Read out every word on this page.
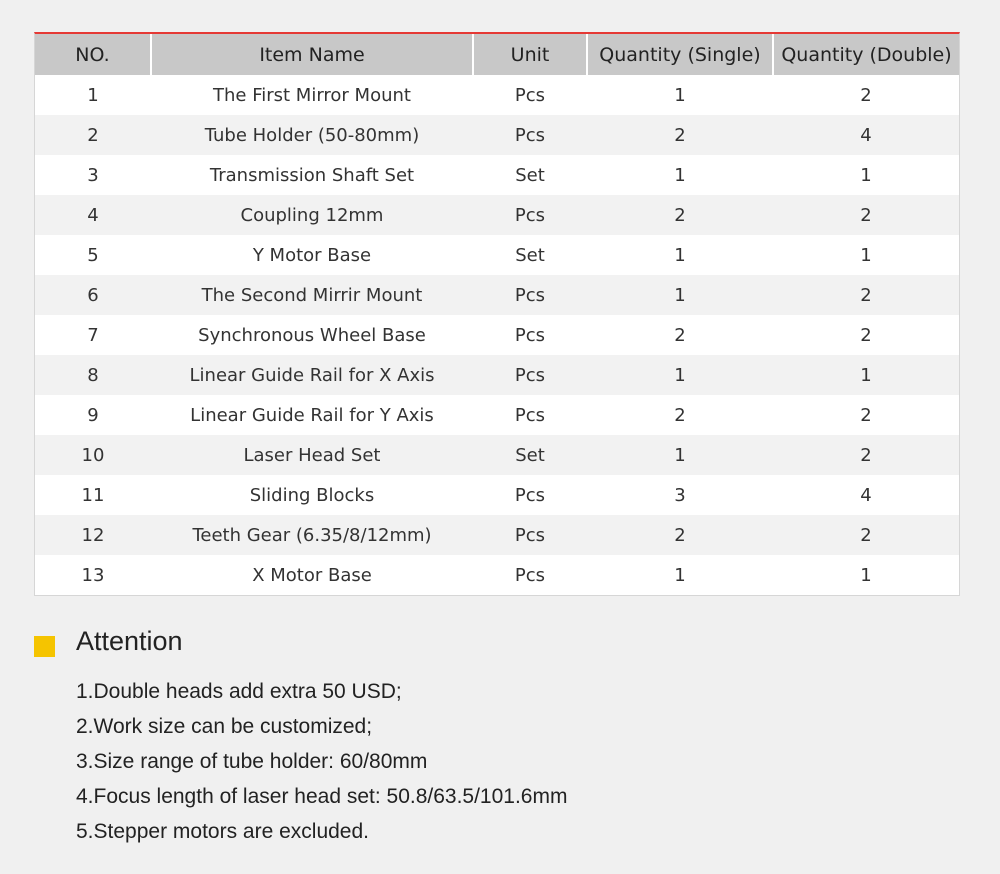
NO.	Item Name	Unit	Quantity (Single)	Quantity (Double)
1	The First Mirror Mount	Pcs	1	2
2	Tube Holder (50-80mm)	Pcs	2	4
3	Transmission Shaft Set	Set	1	1
4	Coupling 12mm	Pcs	2	2
5	Y Motor Base	Set	1	1
6	The Second Mirrir Mount	Pcs	1	2
7	Synchronous Wheel Base	Pcs	2	2
8	Linear Guide Rail for X Axis	Pcs	1	1
9	Linear Guide Rail for Y Axis	Pcs	2	2
10	Laser Head Set	Set	1	2
11	Sliding Blocks	Pcs	3	4
12	Teeth Gear (6.35/8/12mm)	Pcs	2	2
13	X Motor Base	Pcs	1	1
Attention
1.Double heads add extra 50 USD;
2.Work size can be customized;
3.Size range of tube holder: 60/80mm
4.Focus length of laser head set: 50.8/63.5/101.6mm
5.Stepper motors are excluded.
